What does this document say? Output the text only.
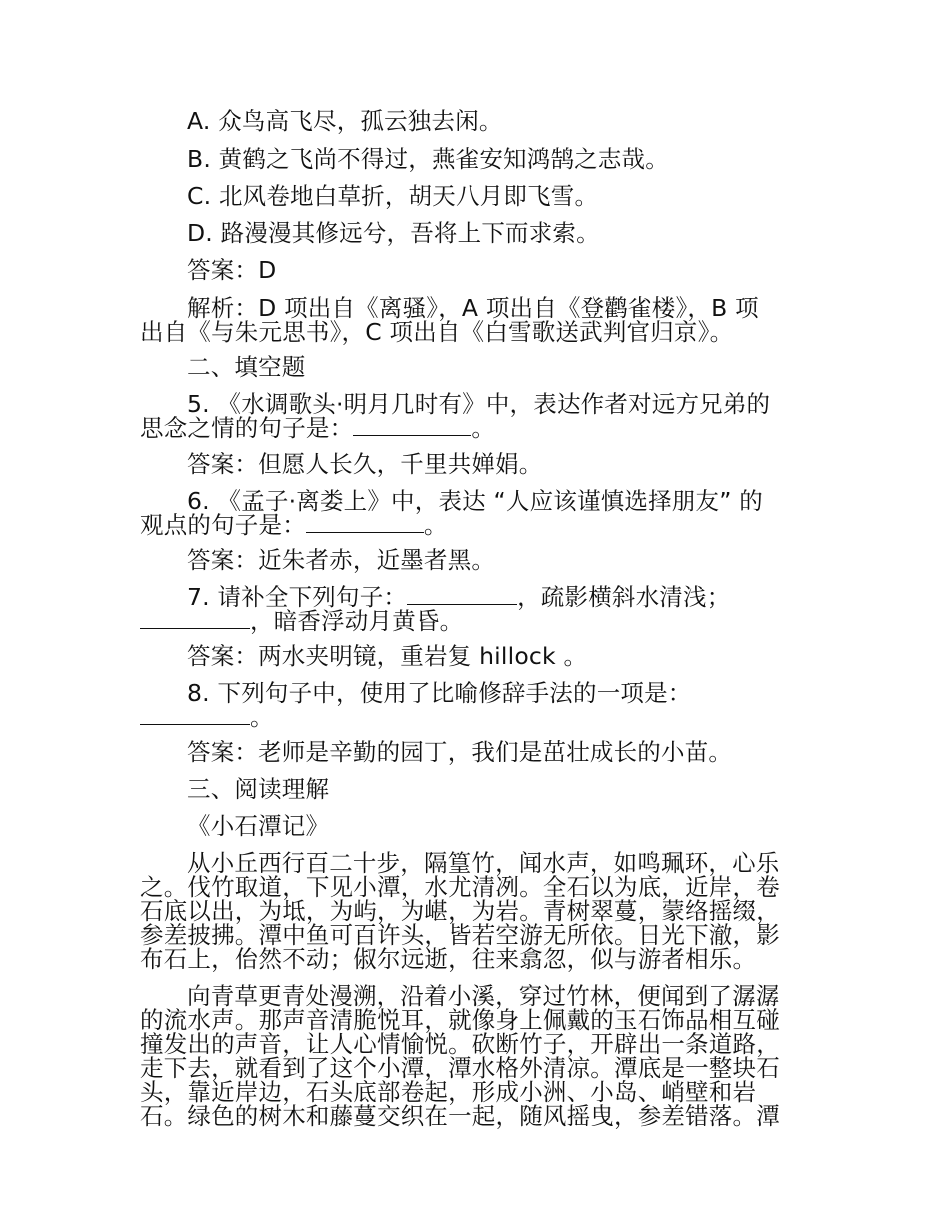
A. 众鸟高飞尽，孤云独去闲。
B. 黄鹤之飞尚不得过，燕雀安知鸿鹄之志哉。
C. 北风卷地白草折，胡天八月即飞雪。
D. 路漫漫其修远兮，吾将上下而求索。
答案：D
解析：D 项出自《离骚》，A 项出自《登鹳雀楼》，B 项
出自《与朱元思书》，C 项出自《白雪歌送武判官归京》。
二、填空题
5. 《水调歌头·明月几时有》中，表达作者对远方兄弟的
思念之情的句子是：	。
答案：但愿人长久，千里共婵娟。
6. 《孟子·离娄上》中，表达 “人应该谨慎选择朋友” 的
观点的句子是：	。
答案：近朱者赤，近墨者黑。
7. 请补全下列句子：	，疏影横斜水清浅；
，暗香浮动月黄昏。
答案：两水夹明镜，重岩复 hillock 。
8. 下列句子中，使用了比喻修辞手法的一项是：
。
答案：老师是辛勤的园丁，我们是茁壮成长的小苗。
三、阅读理解
《小石潭记》
从小丘西行百二十步，隔篁竹，闻水声，如鸣珮环，心乐
之。伐竹取道，下见小潭，水尤清冽。全石以为底，近岸，卷
石底以出，为坻，为屿，为嵁，为岩。青树翠蔓，蒙络摇缀，
参差披拂。潭中鱼可百许头，皆若空游无所依。日光下澈，影
布石上，佁然不动；俶尔远逝，往来翕忽，似与游者相乐。
向青草更青处漫溯，沿着小溪，穿过竹林，便闻到了潺潺
的流水声。那声音清脆悦耳，就像身上佩戴的玉石饰品相互碰
撞发出的声音，让人心情愉悦。砍断竹子，开辟出一条道路，
走下去，就看到了这个小潭，潭水格外清凉。潭底是一整块石
头，靠近岸边，石头底部卷起，形成小洲、小岛、峭壁和岩
石。绿色的树木和藤蔓交织在一起，随风摇曳，参差错落。潭
